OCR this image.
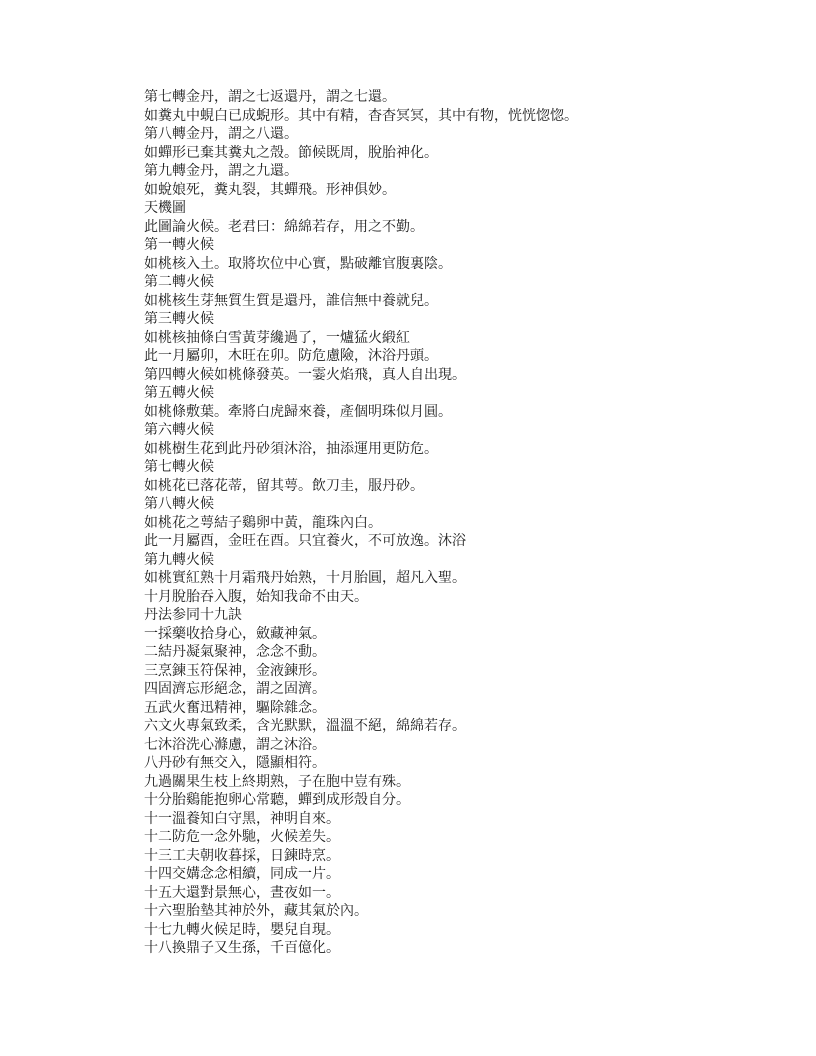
第七轉金丹，謂之七返還丹，謂之七還。
如糞丸中蜆白已成蜺形。其中有精，杳杳冥冥，其中有物，恍恍惚惚。
第八轉金丹，謂之八還。
如蟬形已棄其糞丸之殼。節候既周，脫胎神化。
第九轉金丹，謂之九還。
如蛻娘死，糞丸裂，其蟬飛。形神俱妙。
天機圖
此圖論火候。老君曰：綿綿若存，用之不勤。
第一轉火候
如桃核入土。取將坎位中心實，點破離官腹裏陰。
第二轉火候
如桃核生芽無質生質是還丹，誰信無中養就兒。
第三轉火候
如桃核抽條白雪黃芽纔過了，一爐猛火緞紅
此一月屬卯，木旺在卯。防危慮險，沐浴丹頭。
第四轉火候如桃條發英。一霎火焰飛，真人自出現。
第五轉火候
如桃條敷葉。牽將白虎歸來養，產個明珠似月圓。
第六轉火候
如桃樹生花到此丹砂須沐浴，抽添運用更防危。
第七轉火候
如桃花已落花蒂，留其萼。飲刀圭，服丹砂。
第八轉火候
如桃花之萼結子鷄卵中黃，龍珠內白。
此一月屬酉，金旺在酉。只宜養火，不可放逸。沐浴
第九轉火候
如桃實紅熟十月霜飛丹始熟，十月胎圓，超凡入聖。
十月脫胎吞入腹，始知我命不由天。
丹法参同十九訣
一採藥收拾身心，斂藏神氣。
二結丹凝氣聚神，念念不動。
三烹鍊玉符保神，金液鍊形。
四固濟忘形絕念，謂之固濟。
五武火奮迅精神，驅除雜念。
六文火專氣致柔，含光默默，溫溫不絕，綿綿若存。
七沐浴洗心滌慮，謂之沐浴。
八丹砂有無交入，隱顯相符。
九過關果生枝上終期熟，子在胞中豈有殊。
十分胎鷄能抱卵心常聽，蟬到成形殼自分。
十一溫養知白守黑，神明自來。
十二防危一念外馳，火候差失。
十三工夫朝收暮採，日鍊時烹。
十四交媾念念相續，同成一片。
十五大還對景無心，晝夜如一。
十六聖胎墊其神於外，藏其氣於內。
十七九轉火候足時，嬰兒自現。
十八換鼎子又生孫，千百億化。
